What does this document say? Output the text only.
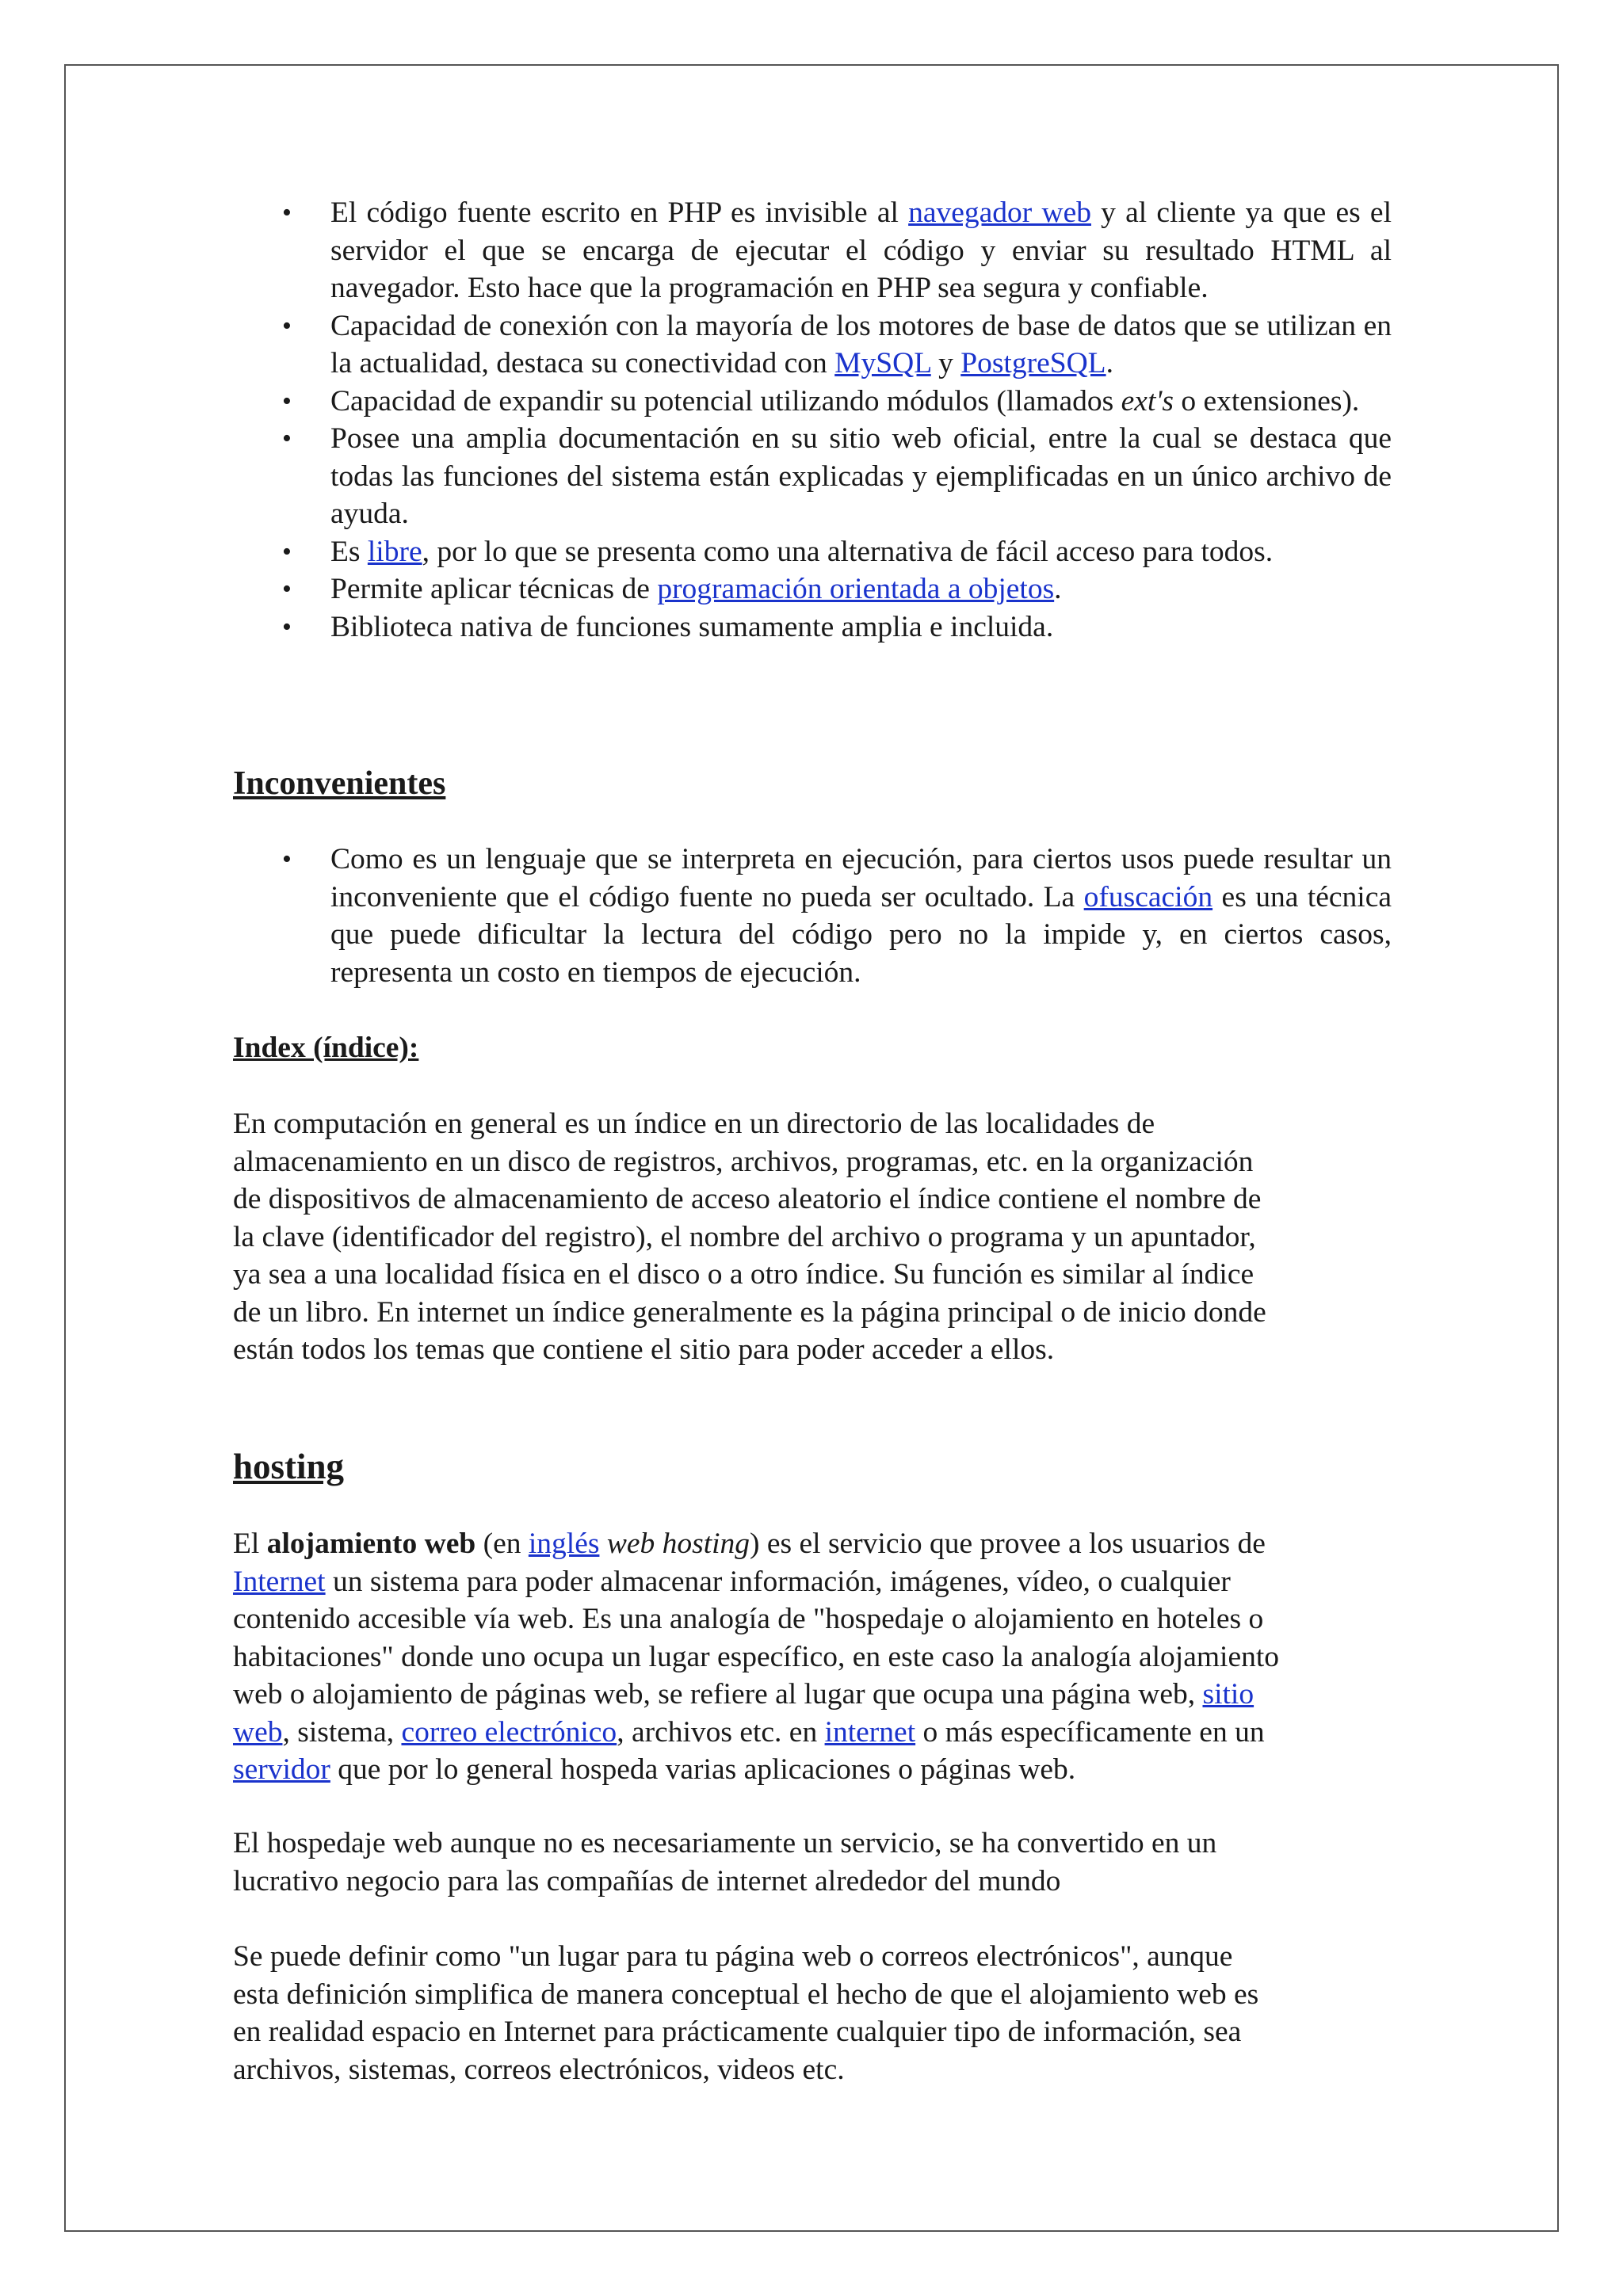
• El código fuente escrito en PHP es invisible al navegador web y al cliente ya que es el servidor el que se encarga de ejecutar el código y enviar su resultado HTML al navegador. Esto hace que la programación en PHP sea segura y confiable.
• Capacidad de conexión con la mayoría de los motores de base de datos que se utilizan en la actualidad, destaca su conectividad con MySQL y PostgreSQL.
• Capacidad de expandir su potencial utilizando módulos (llamados ext's o extensiones).
• Posee una amplia documentación en su sitio web oficial, entre la cual se destaca que todas las funciones del sistema están explicadas y ejemplificadas en un único archivo de ayuda.
• Es libre, por lo que se presenta como una alternativa de fácil acceso para todos.
• Permite aplicar técnicas de programación orientada a objetos.
• Biblioteca nativa de funciones sumamente amplia e incluida.
Inconvenientes
• Como es un lenguaje que se interpreta en ejecución, para ciertos usos puede resultar un inconveniente que el código fuente no pueda ser ocultado. La ofuscación es una técnica que puede dificultar la lectura del código pero no la impide y, en ciertos casos, representa un costo en tiempos de ejecución.
Index (índice):

En computación en general es un índice en un directorio de las localidades de
almacenamiento en un disco de registros, archivos, programas, etc. en la organización
de dispositivos de almacenamiento de acceso aleatorio el índice contiene el nombre de
la clave (identificador del registro), el nombre del archivo o programa y un apuntador,
ya sea a una localidad física en el disco o a otro índice. Su función es similar al índice
de un libro. En internet un índice generalmente es la página principal o de inicio donde
están todos los temas que contiene el sitio para poder acceder a ellos.

hosting

El alojamiento web (en inglés web hosting) es el servicio que provee a los usuarios de
Internet un sistema para poder almacenar información, imágenes, vídeo, o cualquier
contenido accesible vía web. Es una analogía de "hospedaje o alojamiento en hoteles o
habitaciones" donde uno ocupa un lugar específico, en este caso la analogía alojamiento
web o alojamiento de páginas web, se refiere al lugar que ocupa una página web, sitio
web, sistema, correo electrónico, archivos etc. en internet o más específicamente en un
servidor que por lo general hospeda varias aplicaciones o páginas web.

El hospedaje web aunque no es necesariamente un servicio, se ha convertido en un
lucrativo negocio para las compañías de internet alrededor del mundo

Se puede definir como "un lugar para tu página web o correos electrónicos", aunque
esta definición simplifica de manera conceptual el hecho de que el alojamiento web es
en realidad espacio en Internet para prácticamente cualquier tipo de información, sea
archivos, sistemas, correos electrónicos, videos etc.
